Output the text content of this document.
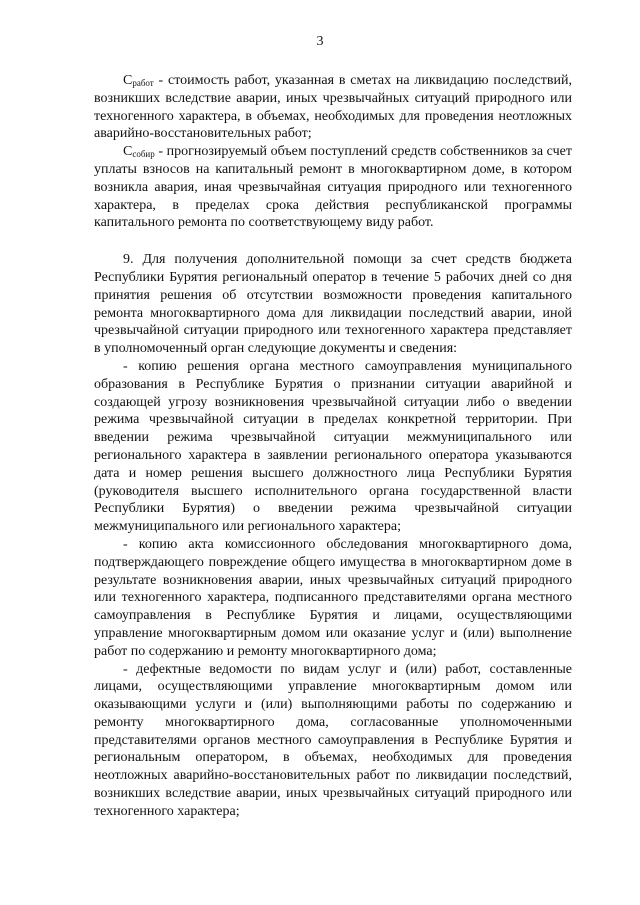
3

$C_{работ}$ - стоимость работ, указанная в сметах на ликвидацию последствий, возникших вследствие аварии, иных чрезвычайных ситуаций природного или техногенного характера, в объемах, необходимых для проведения неотложных аварийно-восстановительных работ;

$C_{собир}$ - прогнозируемый объем поступлений средств собственников за счет уплаты взносов на капитальный ремонт в многоквартирном доме, в котором возникла авария, иная чрезвычайная ситуация природного или техногенного характера, в пределах срока действия республиканской программы капитального ремонта по соответствующему виду работ.

9. Для получения дополнительной помощи за счет средств бюджета Республики Бурятия региональный оператор в течение 5 рабочих дней со дня принятия решения об отсутствии возможности проведения капитального ремонта многоквартирного дома для ликвидации последствий аварии, иной чрезвычайной ситуации природного или техногенного характера представляет в уполномоченный орган следующие документы и сведения:

- копию решения органа местного самоуправления муниципального образования в Республике Бурятия о признании ситуации аварийной и создающей угрозу возникновения чрезвычайной ситуации либо о введении режима чрезвычайной ситуации в пределах конкретной территории. При введении режима чрезвычайной ситуации межмуниципального или регионального характера в заявлении регионального оператора указываются дата и номер решения высшего должностного лица Республики Бурятия (руководителя высшего исполнительного органа государственной власти Республики Бурятия) о введении режима чрезвычайной ситуации межмуниципального или регионального характера;

- копию акта комиссионного обследования многоквартирного дома, подтверждающего повреждение общего имущества в многоквартирном доме в результате возникновения аварии, иных чрезвычайных ситуаций природного или техногенного характера, подписанного представителями органа местного самоуправления в Республике Бурятия и лицами, осуществляющими управление многоквартирным домом или оказание услуг и (или) выполнение работ по содержанию и ремонту многоквартирного дома;

- дефектные ведомости по видам услуг и (или) работ, составленные лицами, осуществляющими управление многоквартирным домом или оказывающими услуги и (или) выполняющими работы по содержанию и ремонту многоквартирного дома, согласованные уполномоченными представителями органов местного самоуправления в Республике Бурятия и региональным оператором, в объемах, необходимых для проведения неотложных аварийно-восстановительных работ по ликвидации последствий, возникших вследствие аварии, иных чрезвычайных ситуаций природного или техногенного характера;
